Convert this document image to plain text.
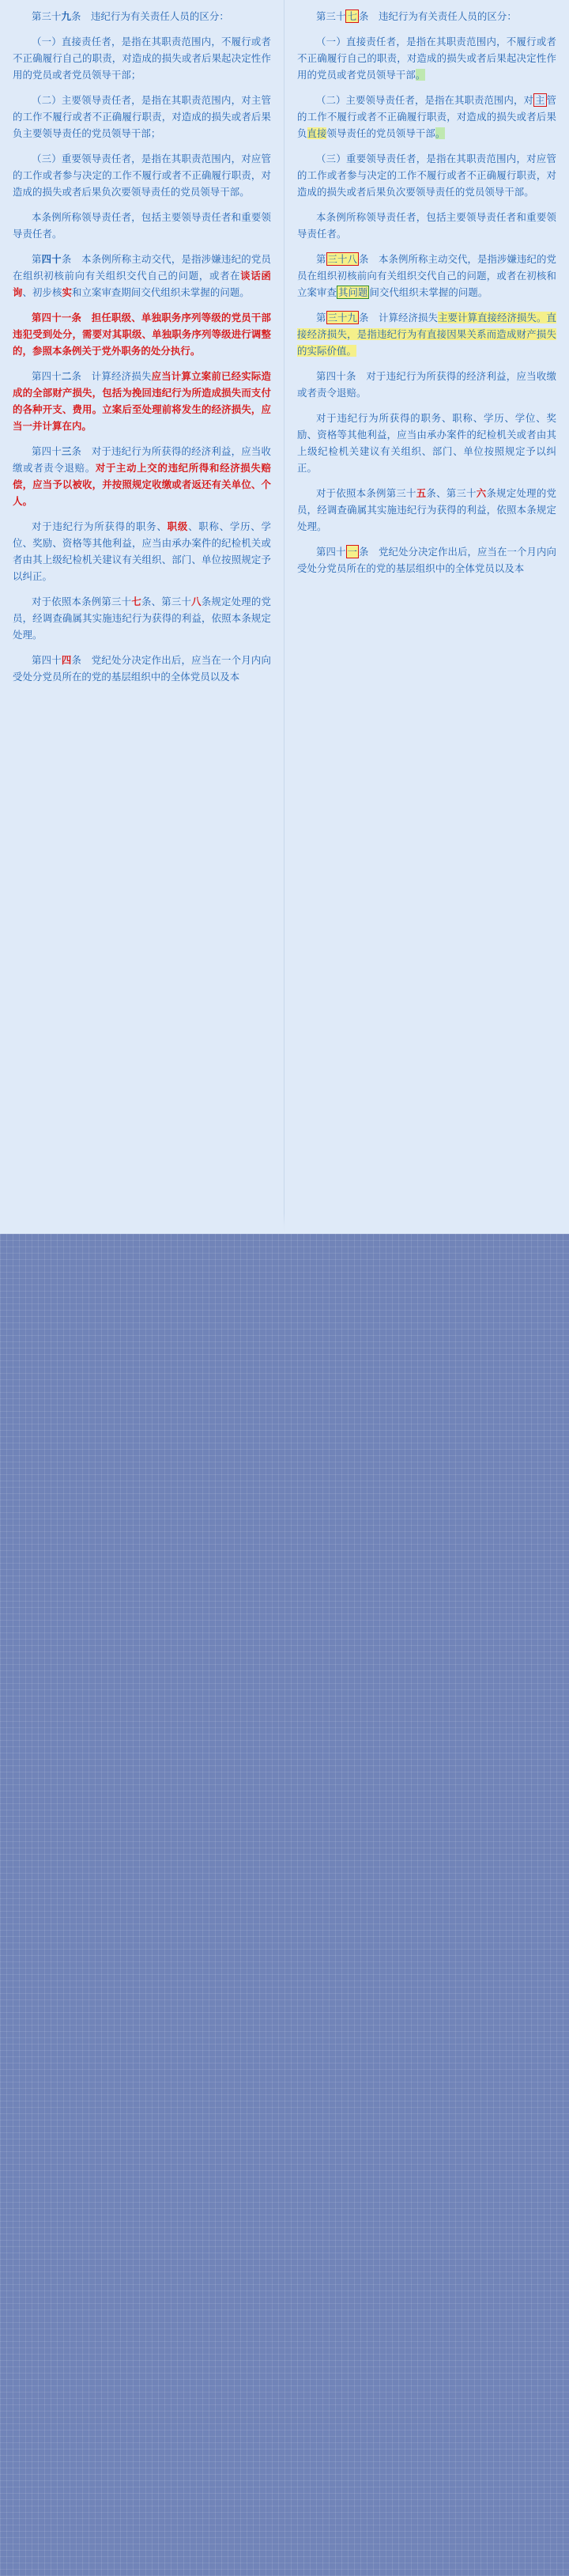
第三十九条　违纪行为有关责任人员的区分：

（一）直接责任者，是指在其职责范围内，不履行或者不正确履行自己的职责，对造成的损失或者后果起决定性作用的党员或者党员领导干部；

（二）主要领导责任者，是指在其职责范围内，对主管的工作不履行或者不正确履行职责，对造成的损失或者后果负主要领导责任的党员领导干部；

（三）重要领导责任者，是指在其职责范围内，对应管的工作或者参与决定的工作不履行或者不正确履行职责，对造成的损失或者后果负次要领导责任的党员领导干部。

本条例所称领导责任者，包括主要领导责任者和重要领导责任者。

第四十条　本条例所称主动交代，是指涉嫌违纪的党员在组织初核前向有关组织交代自己的问题，或者在谈话函询、初步核实和立案审查期间交代组织未掌握的问题。

第四十一条　担任职级、单独职务序列等级的党员干部违犯受到处分，需要对其职级、单独职务序列等级进行调整的，参照本条例关于党外职务的处分执行。

第四十二条　计算经济损失应当计算立案前已经实际造成的全部财产损失，包括为挽回违纪行为所造成损失而支付的各种开支、费用。立案后至处理前将发生的经济损失，应当一并计算在内。

第四十三条　对于违纪行为所获得的经济利益，应当收缴或者责令退赔。对于主动上交的违纪所得和经济损失赔偿，应当予以被收，并按照规定收缴或者返还有关单位、个人。

对于违纪行为所获得的职务、职级、职称、学历、学位、奖励、资格等其他利益，应当由承办案件的纪检机关或者由其上级纪检机关建议有关组织、部门、单位按照规定予以纠正。

对于依照本条例第三十七条、第三十八条规定处理的党员，经调查确属其实施违纪行为获得的利益，依照本条规定处理。

第四十四条　党纪处分决定作出后，应当在一个月内向受处分党员所在的党的基层组织中的全体党员以及本

第三十 七 条　违纪行为有关责任人员的区分：

（一）直接责任者，是指在其职责范围内，不履行或者不正确履行自己的职责，对造成的损失或者后果起决定性作用的党员或者党员领导干部。

（二）主要领导责任者，是指在其职责范围内，对 主 管的工作不履行或者不正确履行职责，对造成的损失或者后果负直接领导责任的党员领导干部。

（三）重要领导责任者，是指在其职责范围内，对应管的工作或者参与决定的工作不履行或者不正确履行职责，对造成的损失或者后果负次要领导责任的党员领导干部。

本条例所称领导责任者，包括主要领导责任者和重要领导责任者。

第 三十八 条　本条例所称主动交代，是指涉嫌违纪的党员在组织初核前向有关组织交代自己的问题，或者在初核和立案审查 其问题 间交代组织未掌握的问题。

第 三十九 条　计算经济损失主要计算直接经济损失。直接经济损失，是指违纪行为有直接因果关系而造成财产损失的实际价值。

第四十条　对于违纪行为所获得的经济利益，应当收缴或者责令退赔。

对于违纪行为所获得的职务、职称、学历、学位、奖励、资格等其他利益，应当由承办案件的纪检机关或者由其上级纪检机关建议有关组织、部门、单位按照规定予以纠正。

对于依照本条例第三十五条、第三十六条规定处理的党员，经调查确属其实施违纪行为获得的利益，依照本条规定处理。

第四十 一 条　党纪处分决定作出后，应当在一个月内向受处分党员所在的党的基层组织中的全体党员以及本
